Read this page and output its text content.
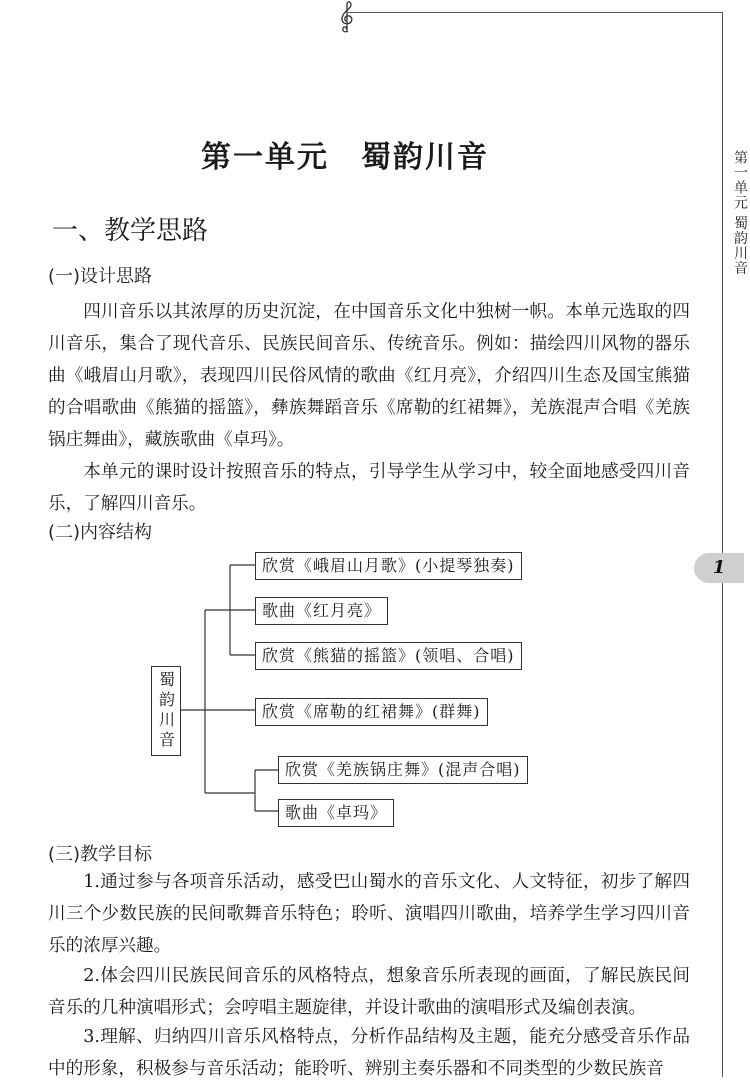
第一单元 蜀韵川音
1
第一单元　蜀韵川音
一、教学思路
(一)设计思路

四川音乐以其浓厚的历史沉淀，在中国音乐文化中独树一帜。本单元选取的四川音乐，集合了现代音乐、民族民间音乐、传统音乐。例如：描绘四川风物的器乐曲《峨眉山月歌》，表现四川民俗风情的歌曲《红月亮》，介绍四川生态及国宝熊猫的合唱歌曲《熊猫的摇篮》，彝族舞蹈音乐《席勒的红裙舞》，羌族混声合唱《羌族锅庄舞曲》，藏族歌曲《卓玛》。

本单元的课时设计按照音乐的特点，引导学生从学习中，较全面地感受四川音乐，了解四川音乐。

(二)内容结构
蜀韵川音
欣赏《峨眉山月歌》(小提琴独奏)
歌曲《红月亮》
欣赏《熊猫的摇篮》(领唱、合唱)
欣赏《席勒的红裙舞》(群舞)
欣赏《羌族锅庄舞》(混声合唱)
歌曲《卓玛》
(三)教学目标

1.通过参与各项音乐活动，感受巴山蜀水的音乐文化、人文特征，初步了解四川三个少数民族的民间歌舞音乐特色；聆听、演唱四川歌曲，培养学生学习四川音乐的浓厚兴趣。

2.体会四川民族民间音乐的风格特点，想象音乐所表现的画面，了解民族民间音乐的几种演唱形式；会哼唱主题旋律，并设计歌曲的演唱形式及编创表演。

3.理解、归纳四川音乐风格特点，分析作品结构及主题，能充分感受音乐作品中的形象，积极参与音乐活动；能聆听、辨别主奏乐器和不同类型的少数民族音
